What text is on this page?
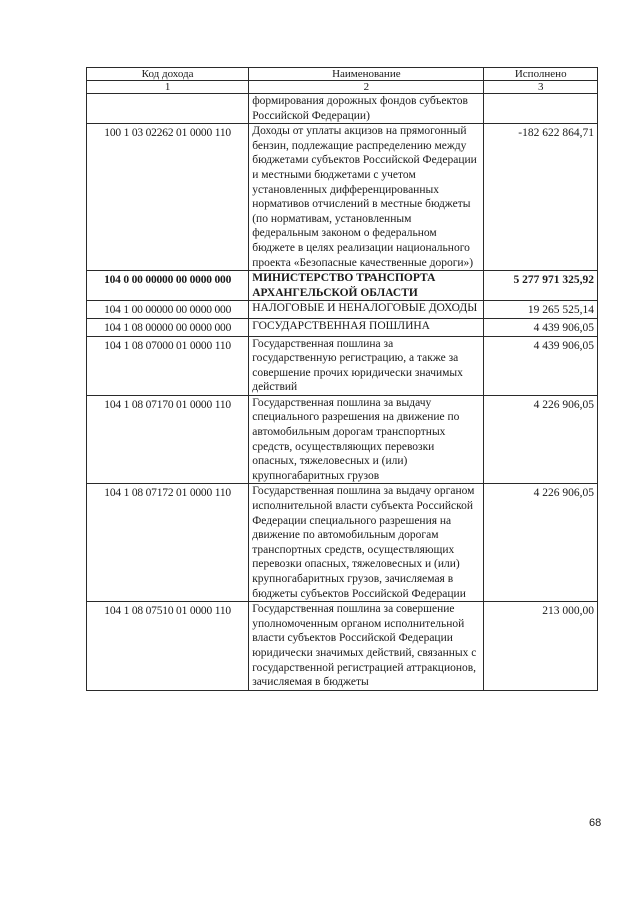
Код дохода	Наименование	Исполнено
1	2	3
	формирования дорожных фондов субъектов Российской Федерации)	
100 1 03 02262 01 0000 110	Доходы от уплаты акцизов на прямогонный бензин, подлежащие распределению между бюджетами субъектов Российской Федерации и местными бюджетами с учетом установленных дифференцированных нормативов отчислений в местные бюджеты (по нормативам, установленным федеральным законом о федеральном бюджете в целях реализации национального проекта «Безопасные качественные дороги»)	-182 622 864,71
104 0 00 00000 00 0000 000	МИНИСТЕРСТВО ТРАНСПОРТА АРХАНГЕЛЬСКОЙ ОБЛАСТИ	5 277 971 325,92
104 1 00 00000 00 0000 000	НАЛОГОВЫЕ И НЕНАЛОГОВЫЕ ДОХОДЫ	19 265 525,14
104 1 08 00000 00 0000 000	ГОСУДАРСТВЕННАЯ ПОШЛИНА	4 439 906,05
104 1 08 07000 01 0000 110	Государственная пошлина за государственную регистрацию, а также за совершение прочих юридически значимых действий	4 439 906,05
104 1 08 07170 01 0000 110	Государственная пошлина за выдачу специального разрешения на движение по автомобильным дорогам транспортных средств, осуществляющих перевозки опасных, тяжеловесных и (или) крупногабаритных грузов	4 226 906,05
104 1 08 07172 01 0000 110	Государственная пошлина за выдачу органом исполнительной власти субъекта Российской Федерации специального разрешения на движение по автомобильным дорогам транспортных средств, осуществляющих перевозки опасных, тяжеловесных и (или) крупногабаритных грузов, зачисляемая в бюджеты субъектов Российской Федерации	4 226 906,05
104 1 08 07510 01 0000 110	Государственная пошлина за совершение уполномоченным органом исполнительной власти субъектов Российской Федерации юридически значимых действий, связанных с государственной регистрацией аттракционов, зачисляемая в бюджеты	213 000,00
68
